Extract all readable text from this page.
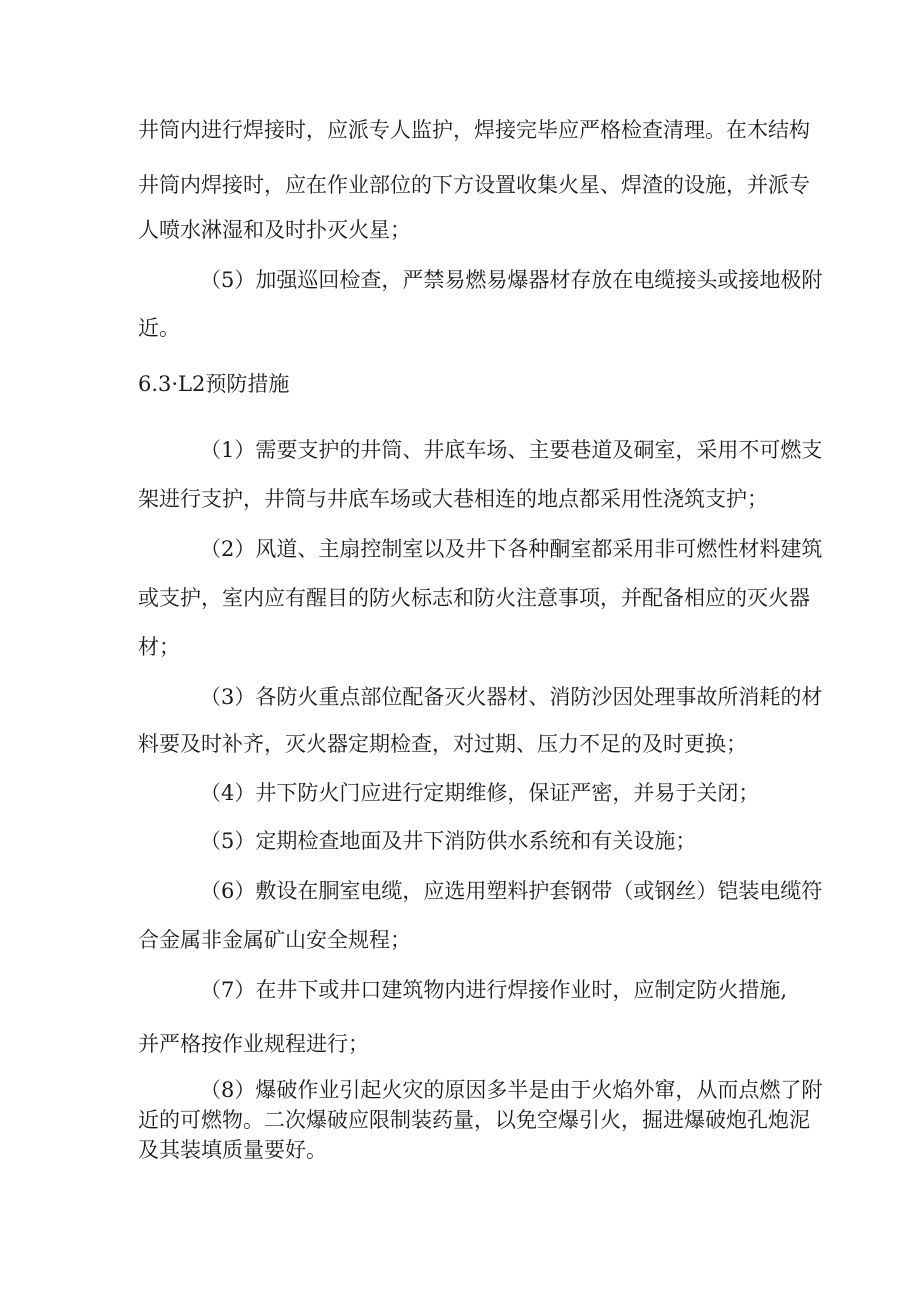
井筒内进行焊接时，应派专人监护，焊接完毕应严格检查清理。在木结构

井筒内焊接时，应在作业部位的下方设置收集火星、焊渣的设施，并派专

人喷水淋湿和及时扑灭火星；

（5）加强巡回检查，严禁易燃易爆器材存放在电缆接头或接地极附

近。

6.3·L2预防措施

（1）需要支护的井筒、井底车场、主要巷道及硐室，采用不可燃支

架进行支护，井筒与井底车场或大巷相连的地点都采用性浇筑支护；

（2）风道、主扇控制室以及井下各种酮室都采用非可燃性材料建筑

或支护，室内应有醒目的防火标志和防火注意事项，并配备相应的灭火器

材；

（3）各防火重点部位配备灭火器材、消防沙因处理事故所消耗的材

料要及时补齐，灭火器定期检查，对过期、压力不足的及时更换；

（4）井下防火门应进行定期维修，保证严密，并易于关闭；

（5）定期检查地面及井下消防供水系统和有关设施；

（6）敷设在胴室电缆，应选用塑料护套钢带（或钢丝）铠装电缆符

合金属非金属矿山安全规程；

（7）在井下或井口建筑物内进行焊接作业时，应制定防火措施,

并严格按作业规程进行；

（8）爆破作业引起火灾的原因多半是由于火焰外窜，从而点燃了附

近的可燃物。二次爆破应限制装药量，以免空爆引火，掘进爆破炮孔炮泥

及其装填质量要好。
